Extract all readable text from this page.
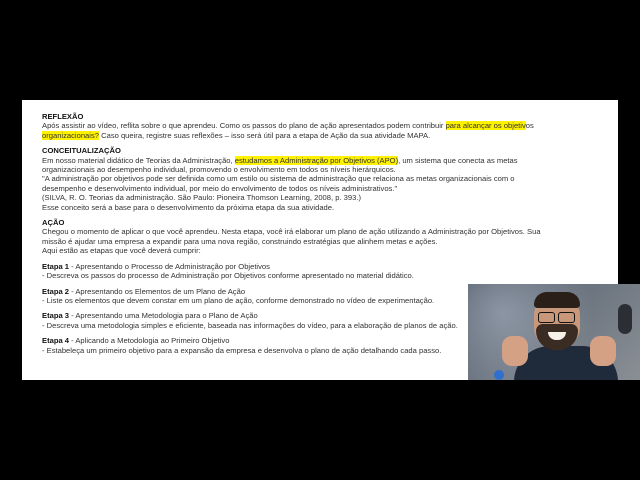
REFLEXÃO
Após assistir ao vídeo, reflita sobre o que aprendeu. Como os passos do plano de ação apresentados podem contribuir para alcançar os objetivos
organizacionais? Caso queira, registre suas reflexões – isso será útil para a etapa de Ação da sua atividade MAPA.
CONCEITUALIZAÇÃO
Em nosso material didático de Teorias da Administração, estudamos a Administração por Objetivos (APO), um sistema que conecta as metas
organizacionais ao desempenho individual, promovendo o envolvimento em todos os níveis hierárquicos.
"A administração por objetivos pode ser definida como um estilo ou sistema de administração que relaciona as metas organizacionais com o
desempenho e desenvolvimento individual, por meio do envolvimento de todos os níveis administrativos."
(SILVA, R. O. Teorias da administração. São Paulo: Pioneira Thomson Learning, 2008, p. 393.)
Esse conceito será a base para o desenvolvimento da próxima etapa da sua atividade.
AÇÃO
Chegou o momento de aplicar o que você aprendeu. Nesta etapa, você irá elaborar um plano de ação utilizando a Administração por Objetivos. Sua
missão é ajudar uma empresa a expandir para uma nova região, construindo estratégias que alinhem metas e ações.
Aqui estão as etapas que você deverá cumprir:
Etapa 1 - Apresentando o Processo de Administração por Objetivos
- Descreva os passos do processo de Administração por Objetivos conforme apresentado no material didático.
Etapa 2 - Apresentando os Elementos de um Plano de Ação
- Liste os elementos que devem constar em um plano de ação, conforme demonstrado no vídeo de experimentação.
Etapa 3 - Apresentando uma Metodologia para o Plano de Ação
- Descreva uma metodologia simples e eficiente, baseada nas informações do vídeo, para a elaboração de planos de ação.
Etapa 4 - Aplicando a Metodologia ao Primeiro Objetivo
- Estabeleça um primeiro objetivo para a expansão da empresa e desenvolva o plano de ação detalhando cada passo.
